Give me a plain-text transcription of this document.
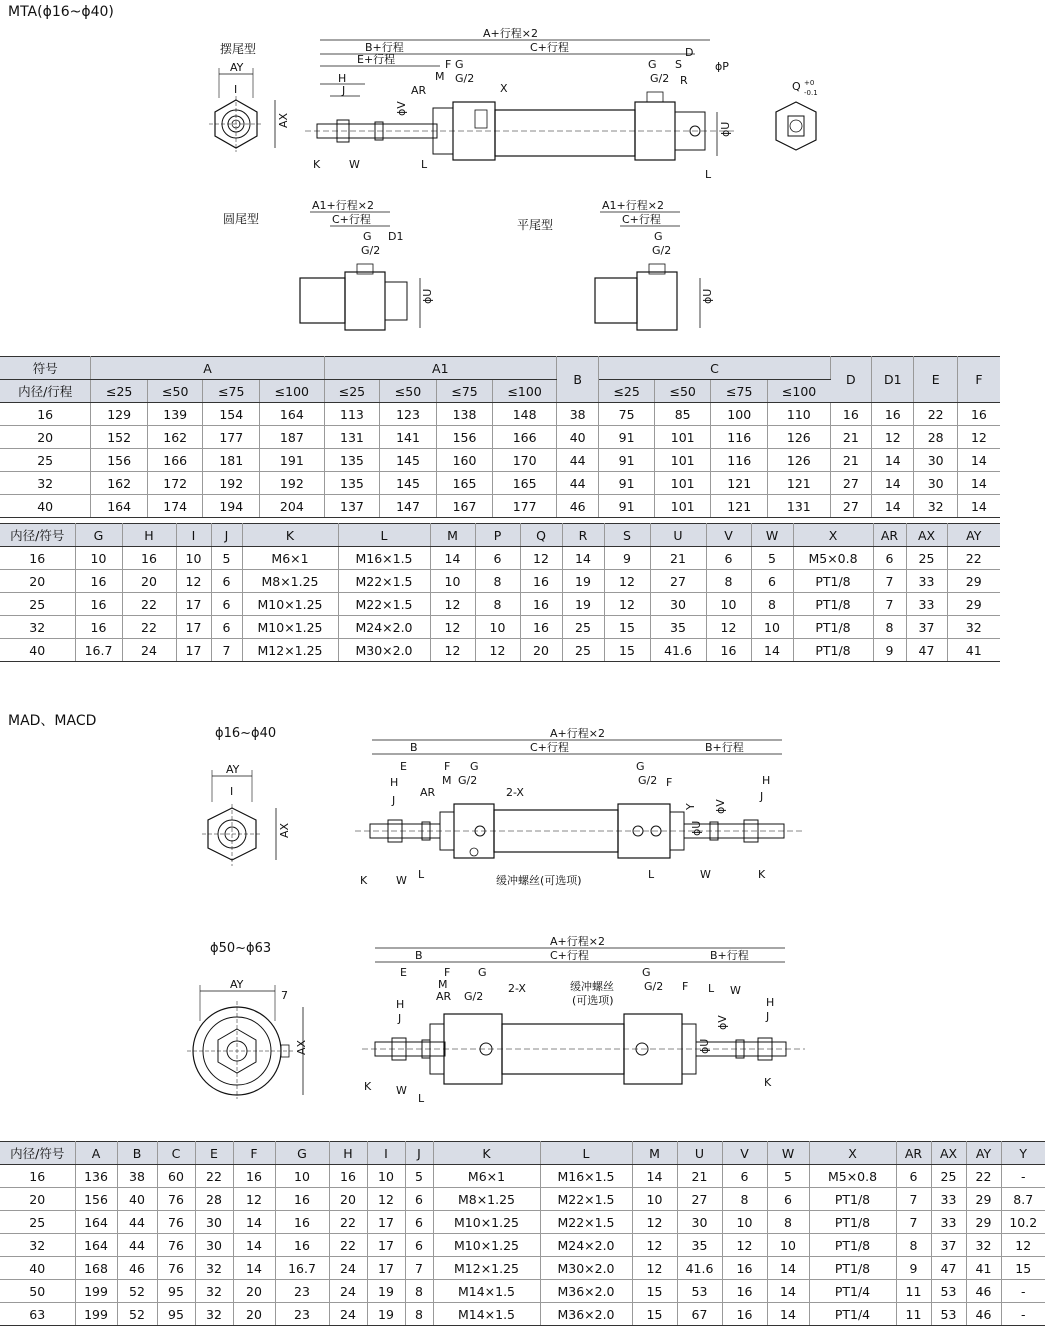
MTA(ϕ16~ϕ40)
摆尾型
圆尾型	平尾型
AY
I
AX
A+行程×2
B+行程	C+行程	D
E+行程	F
M
G
G/2
G
G/2
S
R
ϕP
H
J	AR	X
ϕV
ϕU
K	W	L
L
Q +0
-0.1
A1+行程×2
C+行程
G D1
G/2
ϕU
A1+行程×2
C+行程
G
G/2
ϕU
符号	A				A1				B	C				D	D1	E	F
内径/行程	≤25	≤50	≤75	≤100	≤25	≤50	≤75	≤100		≤25	≤50	≤75	≤100				
16	129	139	154	164	113	123	138	148	38	75	85	100	110	16	16	22	16
20	152	162	177	187	131	141	156	166	40	91	101	116	126	21	12	28	12
25	156	166	181	191	135	145	160	170	44	91	101	116	126	21	14	30	14
32	162	172	192	192	135	145	165	165	44	91	101	121	121	27	14	30	14
40	164	174	194	204	137	147	167	177	46	91	101	121	131	27	14	32	14
内径/符号	G	H	I	J	K	L	M	P	Q	R	S	U	V	W	X	AR	AX	AY
16	10	16	10	5	M6×1	M16×1.5	14	6	12	14	9	21	6	5	M5×0.8	6	25	22
20	16	20	12	6	M8×1.25	M22×1.5	10	8	16	19	12	27	8	6	PT1/8	7	33	29
25	16	22	17	6	M10×1.25	M22×1.5	12	8	16	19	12	30	10	8	PT1/8	7	33	29
32	16	22	17	6	M10×1.25	M24×2.0	12	10	16	25	15	35	12	10	PT1/8	8	37	32
40	16.7	24	17	7	M12×1.25	M30×2.0	12	12	20	25	15	41.6	16	14	PT1/8	9	47	41
MAD、MACD
ϕ16~ϕ40
ϕ50~ϕ63
AY
I
AX
A+行程×2
B	C+行程	B+行程
E	F G
M G/2
G
G/2 F
H	H
J	J
AR	2-X
Y
ϕU
ϕV
K	W L	缓冲螺丝(可选项)	L	W	K
AY
7
AX
A+行程×2
B	C+行程	B+行程
E	F	G
M
AR G/2
2-X	缓冲螺丝
(可选项)
G
G/2 F L W
H	H
J	J
ϕU
ϕV
K W
L
K
内径/符号	A	B	C	E	F	G	H	I	J	K	L	M	U	V	W	X	AR	AX	AY	Y
16	136	38	60	22	16	10	16	10	5	M6×1	M16×1.5	14	21	6	5	M5×0.8	6	25	22	-
20	156	40	76	28	12	16	20	12	6	M8×1.25	M22×1.5	10	27	8	6	PT1/8	7	33	29	8.7
25	164	44	76	30	14	16	22	17	6	M10×1.25	M22×1.5	12	30	10	8	PT1/8	7	33	29	10.2
32	164	44	76	30	14	16	22	17	6	M10×1.25	M24×2.0	12	35	12	10	PT1/8	8	37	32	12
40	168	46	76	32	14	16.7	24	17	7	M12×1.25	M30×2.0	12	41.6	16	14	PT1/8	9	47	41	15
50	199	52	95	32	20	23	24	19	8	M14×1.5	M36×2.0	15	53	16	14	PT1/4	11	53	46	-
63	199	52	95	32	20	23	24	19	8	M14×1.5	M36×2.0	15	67	16	14	PT1/4	11	53	46	-
